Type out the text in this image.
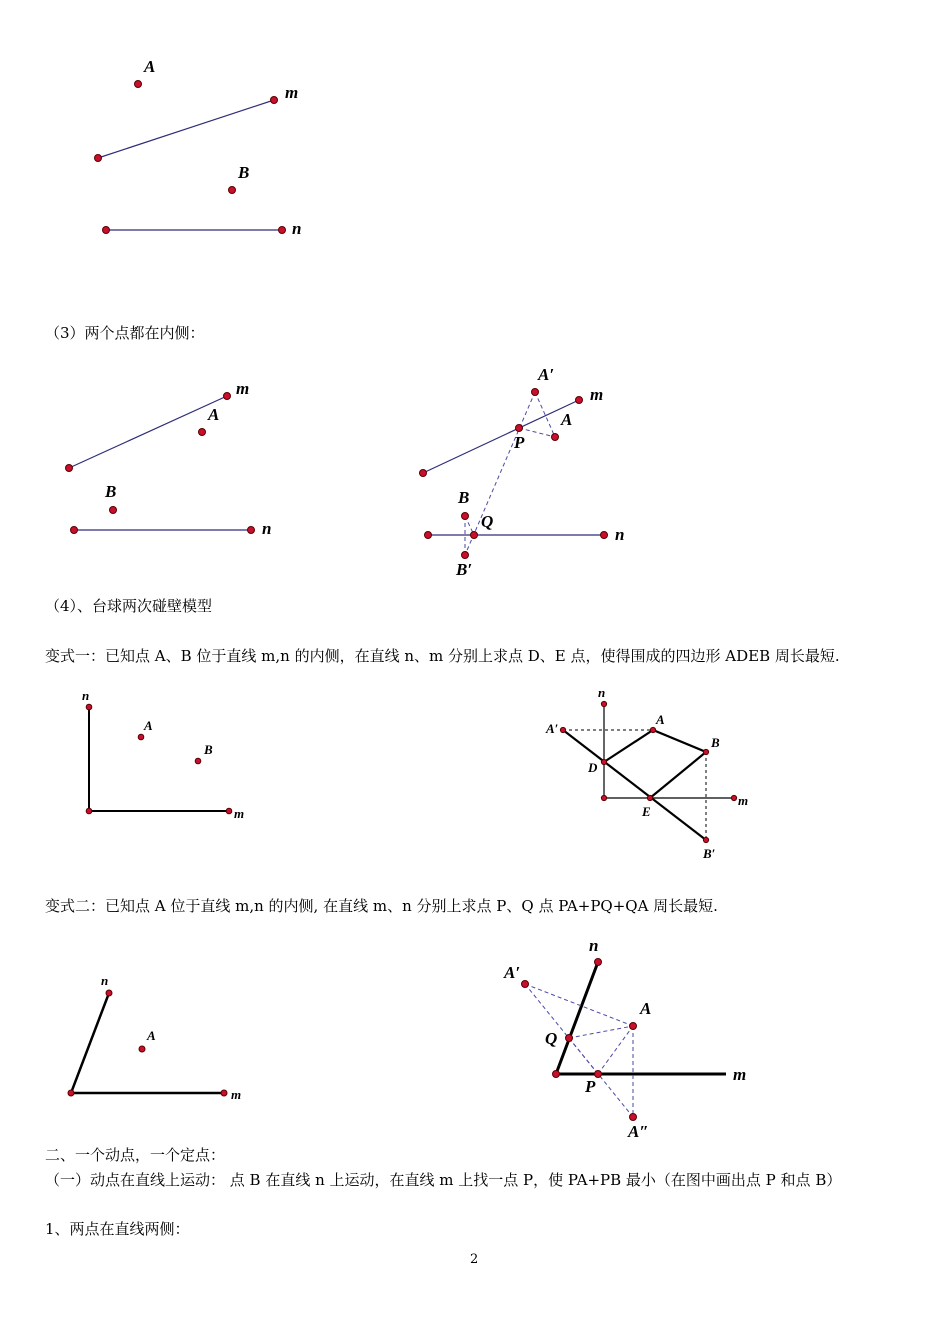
A
m
B
n
（3）两个点都在内侧：
m
A
B
n
A′
m
A
P
B
Q
n
B′
（4）、台球两次碰壁模型
变式一：已知点 A、B 位于直线 m,n 的内侧，在直线 n、m 分别上求点 D、E 点，使得围成的四边形 ADEB 周长最短.
n
A
B
m
n
A′
A
B
D
m
E
B′
变式二：已知点 A 位于直线 m,n 的内侧, 在直线 m、n 分别上求点 P、Q 点 PA+PQ+QA 周长最短.
n
A
m
n
A′
A
Q
m
P
A″
二、一个动点，一个定点：
（一）动点在直线上运动： 点 B 在直线 n 上运动，在直线 m 上找一点 P，使 PA+PB 最小（在图中画出点 P 和点 B）
1、两点在直线两侧：
2
